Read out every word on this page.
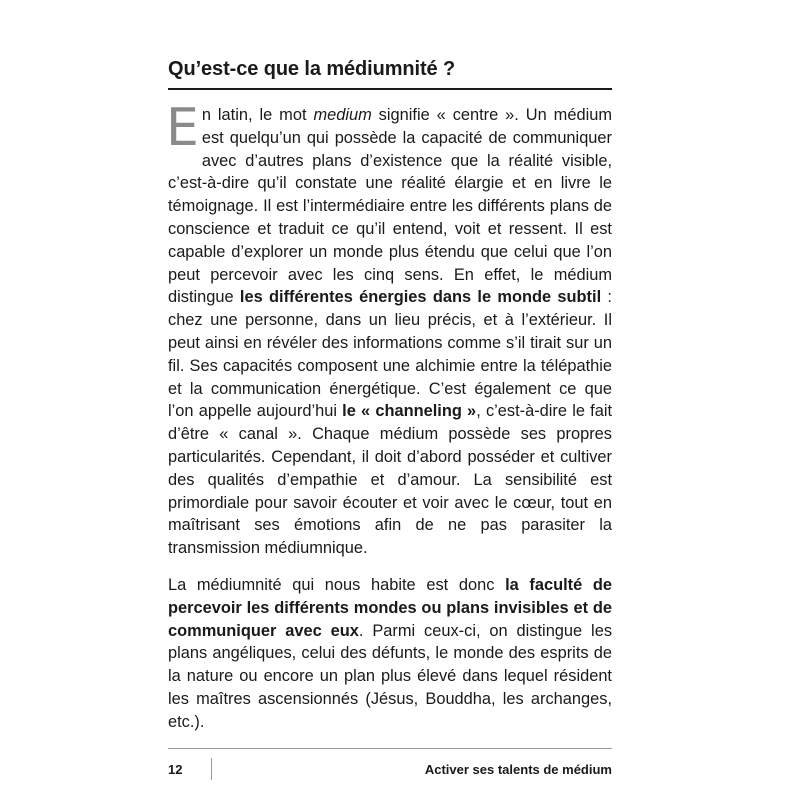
Qu’est-ce que la médiumnité ?

En latin, le mot medium signifie « centre ». Un médium est quelqu’un qui possède la capacité de communiquer avec d’autres plans d’existence que la réalité visible, c’est-à-dire qu’il constate une réalité élargie et en livre le témoignage. Il est l’intermédiaire entre les différents plans de conscience et traduit ce qu’il entend, voit et ressent. Il est capable d’explorer un monde plus étendu que celui que l’on peut percevoir avec les cinq sens. En effet, le médium distingue les différentes énergies dans le monde subtil : chez une personne, dans un lieu précis, et à l’extérieur. Il peut ainsi en révéler des informations comme s’il tirait sur un fil. Ses capacités composent une alchimie entre la télépathie et la communication énergétique. C’est également ce que l’on appelle aujourd’hui le « channeling », c’est-à-dire le fait d’être « canal ». Chaque médium possède ses propres particularités. Cependant, il doit d’abord posséder et cultiver des qualités d’empathie et d’amour. La sensibilité est primordiale pour savoir écouter et voir avec le cœur, tout en maîtrisant ses émotions afin de ne pas parasiter la transmission médiumnique.

La médiumnité qui nous habite est donc la faculté de percevoir les différents mondes ou plans invisibles et de communiquer avec eux. Parmi ceux-ci, on distingue les plans angéliques, celui des défunts, le monde des esprits de la nature ou encore un plan plus élevé dans lequel résident les maîtres ascensionnés (Jésus, Bouddha, les archanges, etc.).

12	Activer ses talents de médium
